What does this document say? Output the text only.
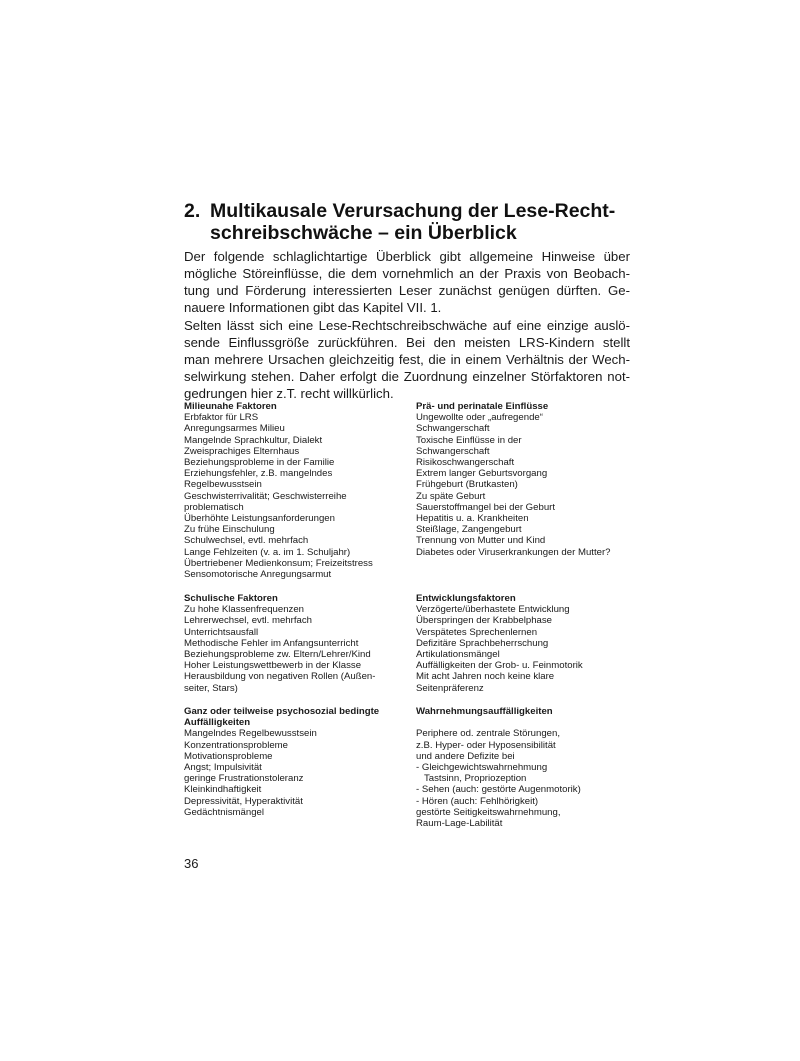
2. Multikausale Verursachung der Lese-Recht-
schreibschwäche – ein Überblick
Der folgende schlaglichtartige Überblick gibt allgemeine Hinweise über
mögliche Störeinflüsse, die dem vornehmlich an der Praxis von Beobach-
tung und Förderung interessierten Leser zunächst genügen dürften. Ge-
nauere Informationen gibt das Kapitel VII. 1.
Selten lässt sich eine Lese-Rechtschreibschwäche auf eine einzige auslö-
sende Einflussgröße zurückführen. Bei den meisten LRS-Kindern stellt
man mehrere Ursachen gleichzeitig fest, die in einem Verhältnis der Wech-
selwirkung stehen. Daher erfolgt die Zuordnung einzelner Störfaktoren not-
gedrungen hier z.T. recht willkürlich.
Milieunahe Faktoren
Erbfaktor für LRS
Anregungsarmes Milieu
Mangelnde Sprachkultur, Dialekt
Zweisprachiges Elternhaus
Beziehungsprobleme in der Familie
Erziehungsfehler, z.B. mangelndes
Regelbewusstsein
Geschwisterrivalität; Geschwisterreihe
problematisch
Überhöhte Leistungsanforderungen
Zu frühe Einschulung
Schulwechsel, evtl. mehrfach
Lange Fehlzeiten (v. a. im 1. Schuljahr)
Übertriebener Medienkonsum; Freizeitstress
Sensomotorische Anregungsarmut
Schulische Faktoren
Zu hohe Klassenfrequenzen
Lehrerwechsel, evtl. mehrfach
Unterrichtsausfall
Methodische Fehler im Anfangsunterricht
Beziehungsprobleme zw. Eltern/Lehrer/Kind
Hoher Leistungswettbewerb in der Klasse
Herausbildung von negativen Rollen (Außen-
seiter, Stars)
Ganz oder teilweise psychosozial bedingte
Auffälligkeiten
Mangelndes Regelbewusstsein
Konzentrationsprobleme
Motivationsprobleme
Angst; Impulsivität
geringe Frustrationstoleranz
Kleinkindhaftigkeit
Depressivität, Hyperaktivität
Gedächtnismängel
Prä- und perinatale Einflüsse
Ungewollte oder „aufregende“
Schwangerschaft
Toxische Einflüsse in der
Schwangerschaft
Risikoschwangerschaft
Extrem langer Geburtsvorgang
Frühgeburt (Brutkasten)
Zu späte Geburt
Sauerstoffmangel bei der Geburt
Hepatitis u. a. Krankheiten
Steißlage, Zangengeburt
Trennung von Mutter und Kind
Diabetes oder Viruserkrankungen der Mutter?
Entwicklungsfaktoren
Verzögerte/überhastete Entwicklung
Überspringen der Krabbelphase
Verspätetes Sprechenlernen
Defizitäre Sprachbeherrschung
Artikulationsmängel
Auffälligkeiten der Grob- u. Feinmotorik
Mit acht Jahren noch keine klare
Seitenpräferenz
Wahrnehmungsauffälligkeiten
Periphere od. zentrale Störungen,
z.B. Hyper- oder Hyposensibilität
und andere Defizite bei
- Gleichgewichtswahrnehmung
Tastsinn, Propriozeption
- Sehen (auch: gestörte Augenmotorik)
- Hören (auch: Fehlhörigkeit)
gestörte Seitigkeitswahrnehmung,
Raum-Lage-Labilität
36
